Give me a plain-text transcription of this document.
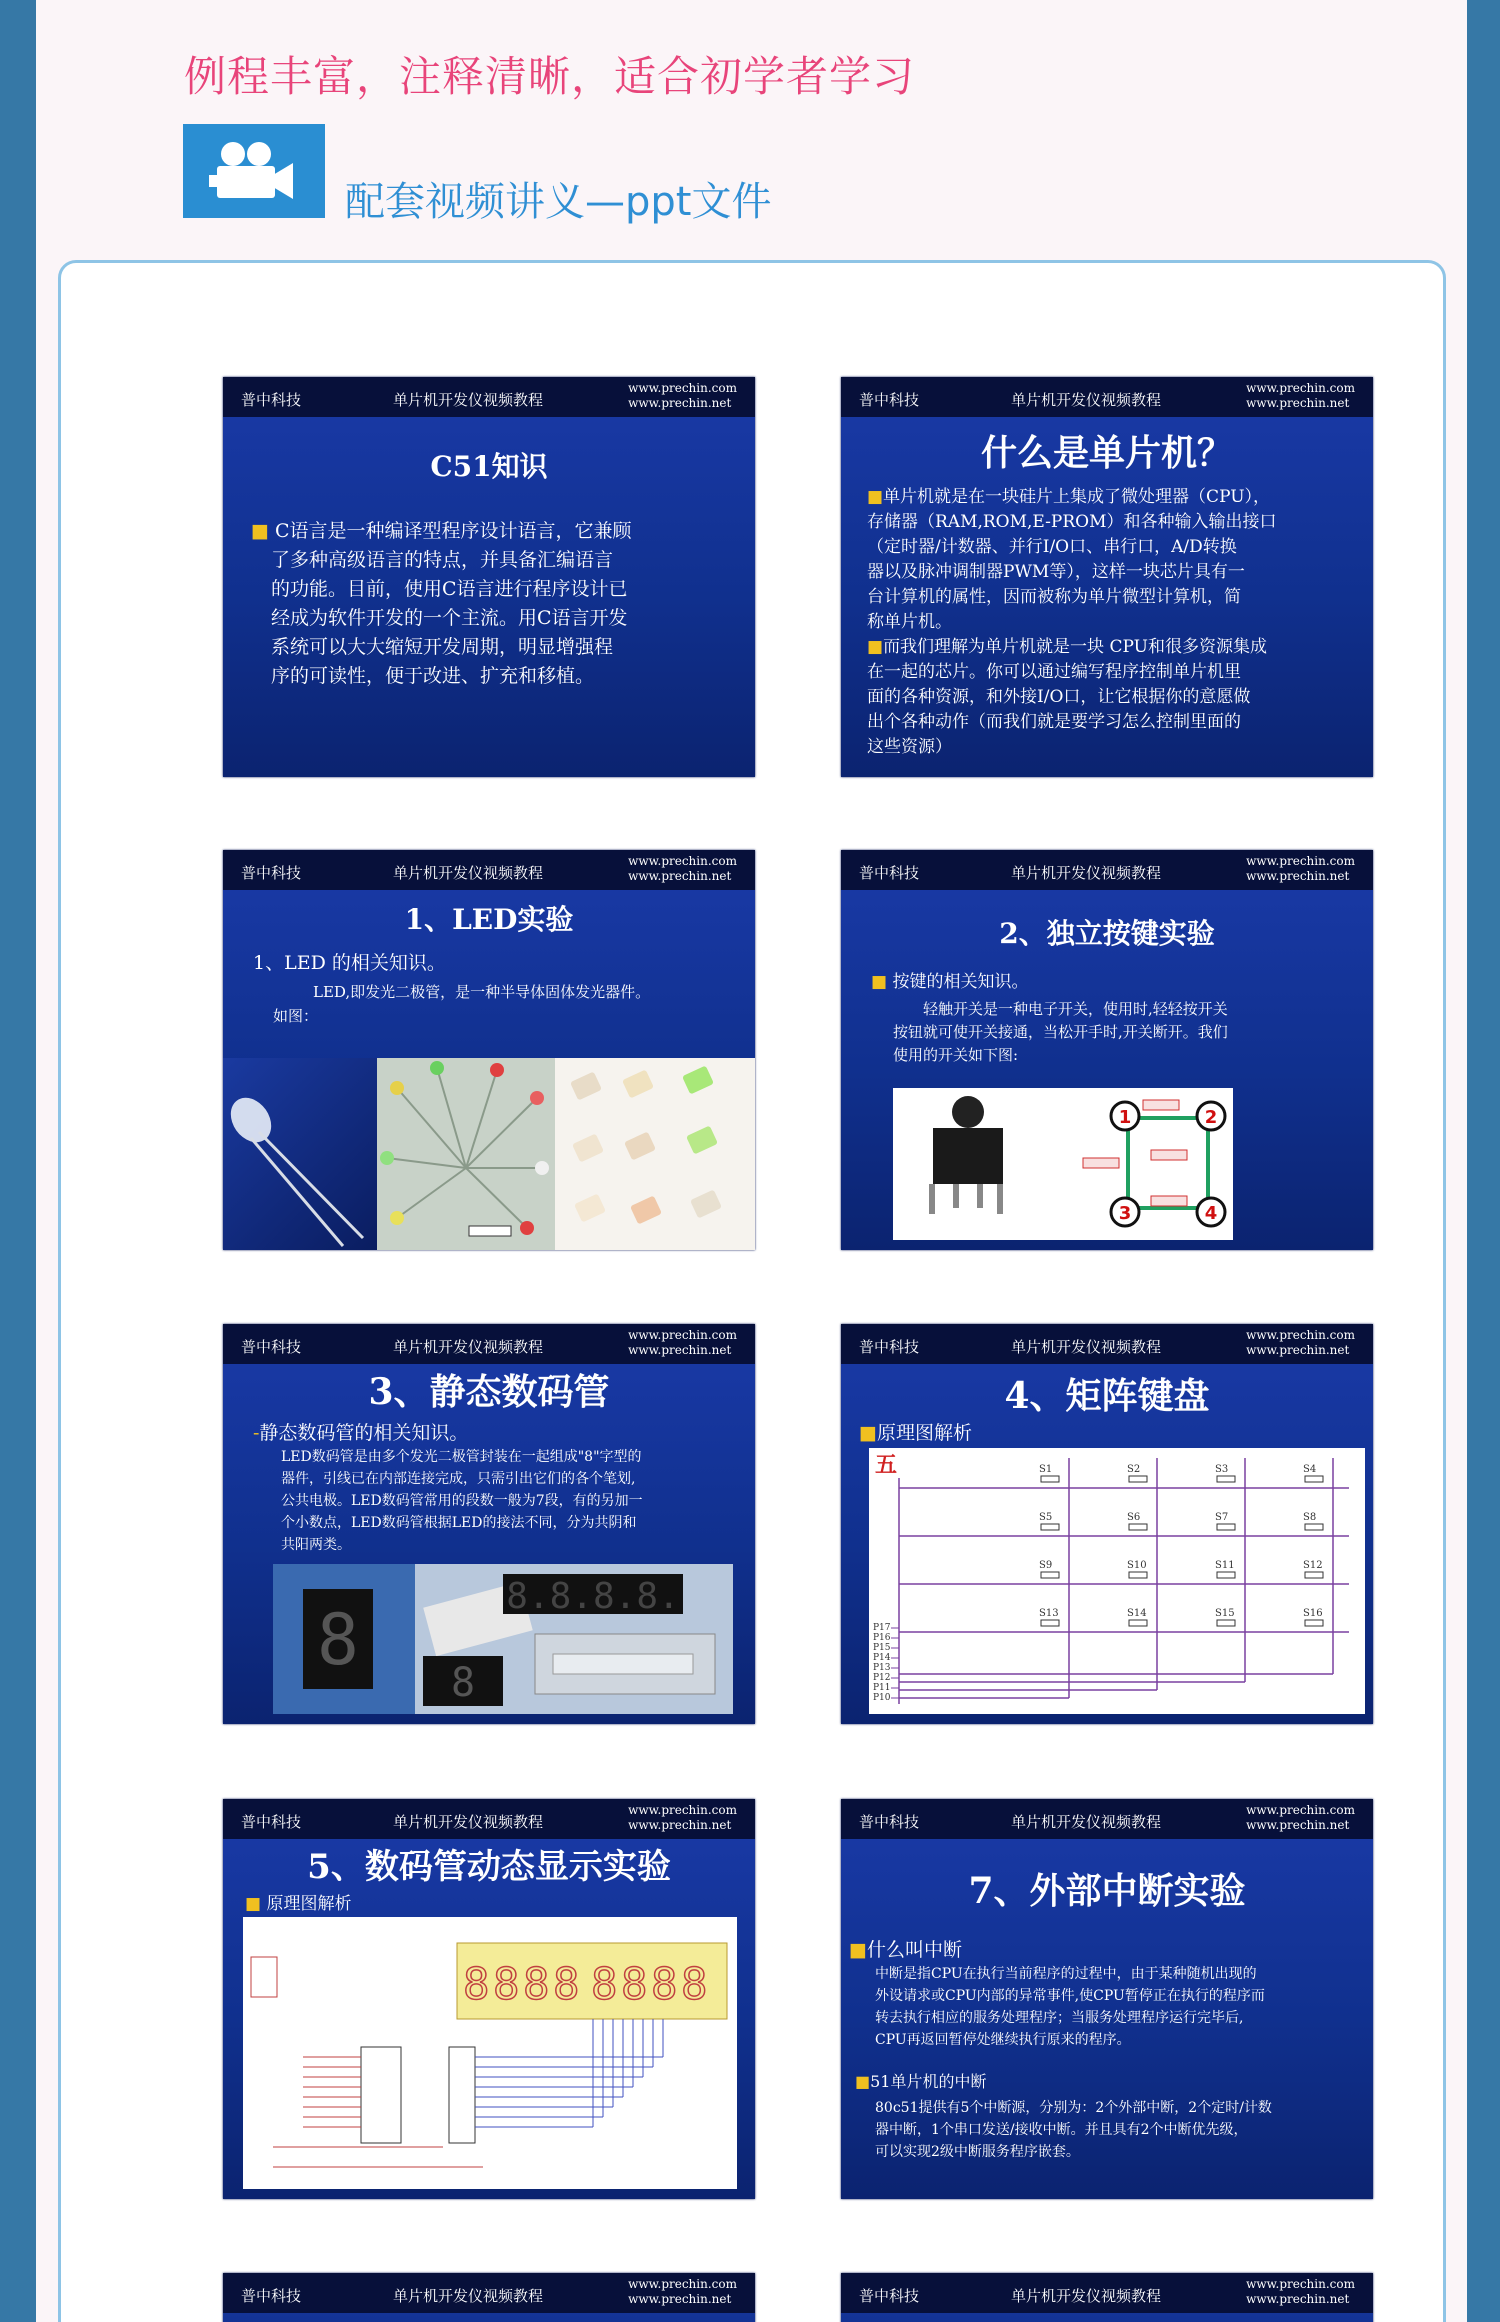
例程丰富，注释清晰，适合初学者学习
配套视频讲义—ppt文件
普中科技	单片机开发仪视频教程
www.prechin.com
www.prechin.net
C51知识
■ C语言是一种编译型程序设计语言，它兼顾
了多种高级语言的特点，并具备汇编语言
的功能。目前，使用C语言进行程序设计已
经成为软件开发的一个主流。用C语言开发
系统可以大大缩短开发周期，明显增强程
序的可读性，便于改进、扩充和移植。
普中科技	单片机开发仪视频教程
www.prechin.com
www.prechin.net
什么是单片机？
■单片机就是在一块硅片上集成了微处理器（CPU），
存储器（RAM,ROM,E-PROM）和各种输入输出接口
（定时器/计数器、并行I/O口、串行口，A/D转换
器以及脉冲调制器PWM等），这样一块芯片具有一
台计算机的属性，因而被称为单片微型计算机，简
称单片机。
■而我们理解为单片机就是一块 CPU和很多资源集成
在一起的芯片。你可以通过编写程序控制单片机里
面的各种资源，和外接I/O口，让它根据你的意愿做
出个各种动作（而我们就是要学习怎么控制里面的
这些资源）
普中科技	单片机开发仪视频教程
www.prechin.com
www.prechin.net
1、LED实验
1、LED 的相关知识。
LED,即发光二极管，是一种半导体固体发光器件。
如图：
普中科技	单片机开发仪视频教程
www.prechin.com
www.prechin.net
2、独立按键实验
■ 按键的相关知识。
轻触开关是一种电子开关，使用时,轻轻按开关
按钮就可使开关接通，当松开手时,开关断开。我们
使用的开关如下图:
1	2
3	4
普中科技	单片机开发仪视频教程
www.prechin.com
www.prechin.net
3、静态数码管
-静态数码管的相关知识。
LED数码管是由多个发光二极管封装在一起组成"8"字型的
器件，引线已在内部连接完成，只需引出它们的各个笔划,
公共电极。LED数码管常用的段数一般为7段，有的另加一
个小数点，LED数码管根据LED的接法不同，分为共阴和
共阳两类。
8
8.8.8.8.
8
普中科技	单片机开发仪视频教程
www.prechin.com
www.prechin.net
4、矩阵键盘
■原理图解析
五	S1	S2	S3	S4
S5	S6	S7	S8
S9	S10	S11	S12
S13	S14	S15	S16
P17
P16
P15
P14
P13
P12
P11
P10
普中科技	单片机开发仪视频教程
www.prechin.com
www.prechin.net
5、数码管动态显示实验
■ 原理图解析
8 8 8 8 8 8 8 8
普中科技	单片机开发仪视频教程
www.prechin.com
www.prechin.net
7、外部中断实验
■什么叫中断
中断是指CPU在执行当前程序的过程中，由于某种随机出现的
外设请求或CPU内部的异常事件,使CPU暂停正在执行的程序而
转去执行相应的服务处理程序；当服务处理程序运行完毕后,
CPU再返回暂停处继续执行原来的程序。
■51单片机的中断
80c51提供有5个中断源，分别为：2个外部中断，2个定时/计数
器中断，1个串口发送/接收中断。并且具有2个中断优先级，
可以实现2级中断服务程序嵌套。
普中科技	单片机开发仪视频教程
www.prechin.com
www.prechin.net	普中科技	单片机开发仪视频教程
www.prechin.com
www.prechin.net
